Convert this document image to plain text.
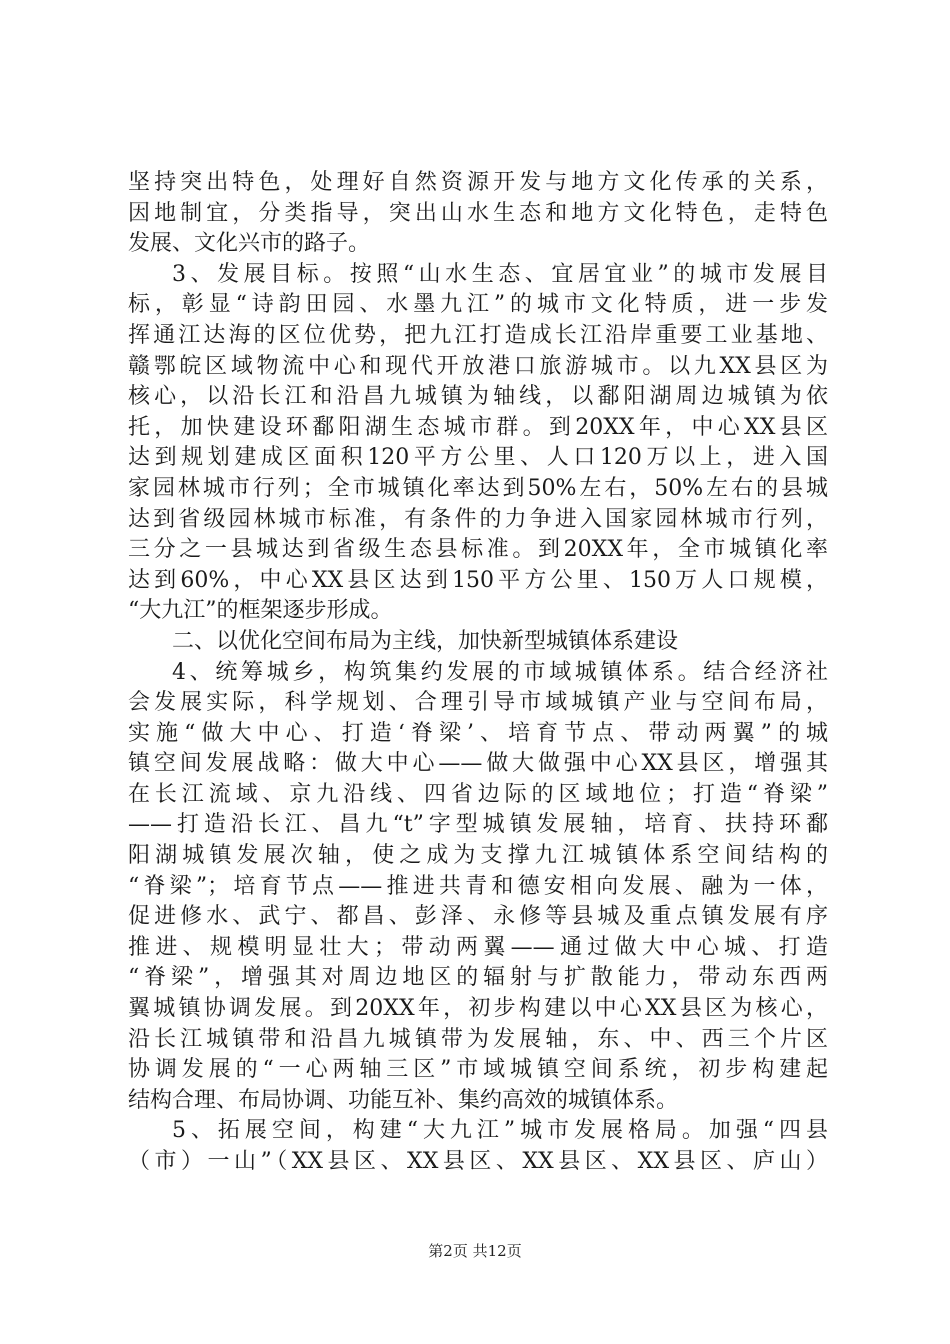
坚持突出特色，处理好自然资源开发与地方文化传承的关系，
因地制宜，分类指导，突出山水生态和地方文化特色，走特色
发展、文化兴市的路子。
3、发展目标。按照“山水生态、宜居宜业”的城市发展目
标，彰显“诗韵田园、水墨九江”的城市文化特质，进一步发
挥通江达海的区位优势，把九江打造成长江沿岸重要工业基地、
赣鄂皖区域物流中心和现代开放港口旅游城市。以九XX县区为
核心，以沿长江和沿昌九城镇为轴线，以鄱阳湖周边城镇为依
托，加快建设环鄱阳湖生态城市群。到20XX年，中心XX县区
达到规划建成区面积120平方公里、人口120万以上，进入国
家园林城市行列；全市城镇化率达到50%左右，50%左右的县城
达到省级园林城市标准，有条件的力争进入国家园林城市行列，
三分之一县城达到省级生态县标准。到20XX年，全市城镇化率
达到60%，中心XX县区达到150平方公里、150万人口规模，
“大九江”的框架逐步形成。
二、以优化空间布局为主线，加快新型城镇体系建设
4、统筹城乡，构筑集约发展的市域城镇体系。结合经济社
会发展实际，科学规划、合理引导市域城镇产业与空间布局，
实施“做大中心、打造‘脊梁’、培育节点、带动两翼”的城
镇空间发展战略：做大中心——做大做强中心XX县区，增强其
在长江流域、京九沿线、四省边际的区域地位；打造“脊梁”
——打造沿长江、昌九“t”字型城镇发展轴，培育、扶持环鄱
阳湖城镇发展次轴，使之成为支撑九江城镇体系空间结构的
“脊梁”；培育节点——推进共青和德安相向发展、融为一体，
促进修水、武宁、都昌、彭泽、永修等县城及重点镇发展有序
推进、规模明显壮大；带动两翼——通过做大中心城、打造
“脊梁”，增强其对周边地区的辐射与扩散能力，带动东西两
翼城镇协调发展。到20XX年，初步构建以中心XX县区为核心，
沿长江城镇带和沿昌九城镇带为发展轴，东、中、西三个片区
协调发展的“一心两轴三区”市域城镇空间系统，初步构建起
结构合理、布局协调、功能互补、集约高效的城镇体系。
5、拓展空间，构建“大九江”城市发展格局。加强“四县
（市）一山”（XX县区、XX县区、XX县区、XX县区、庐山）
第2页 共12页
